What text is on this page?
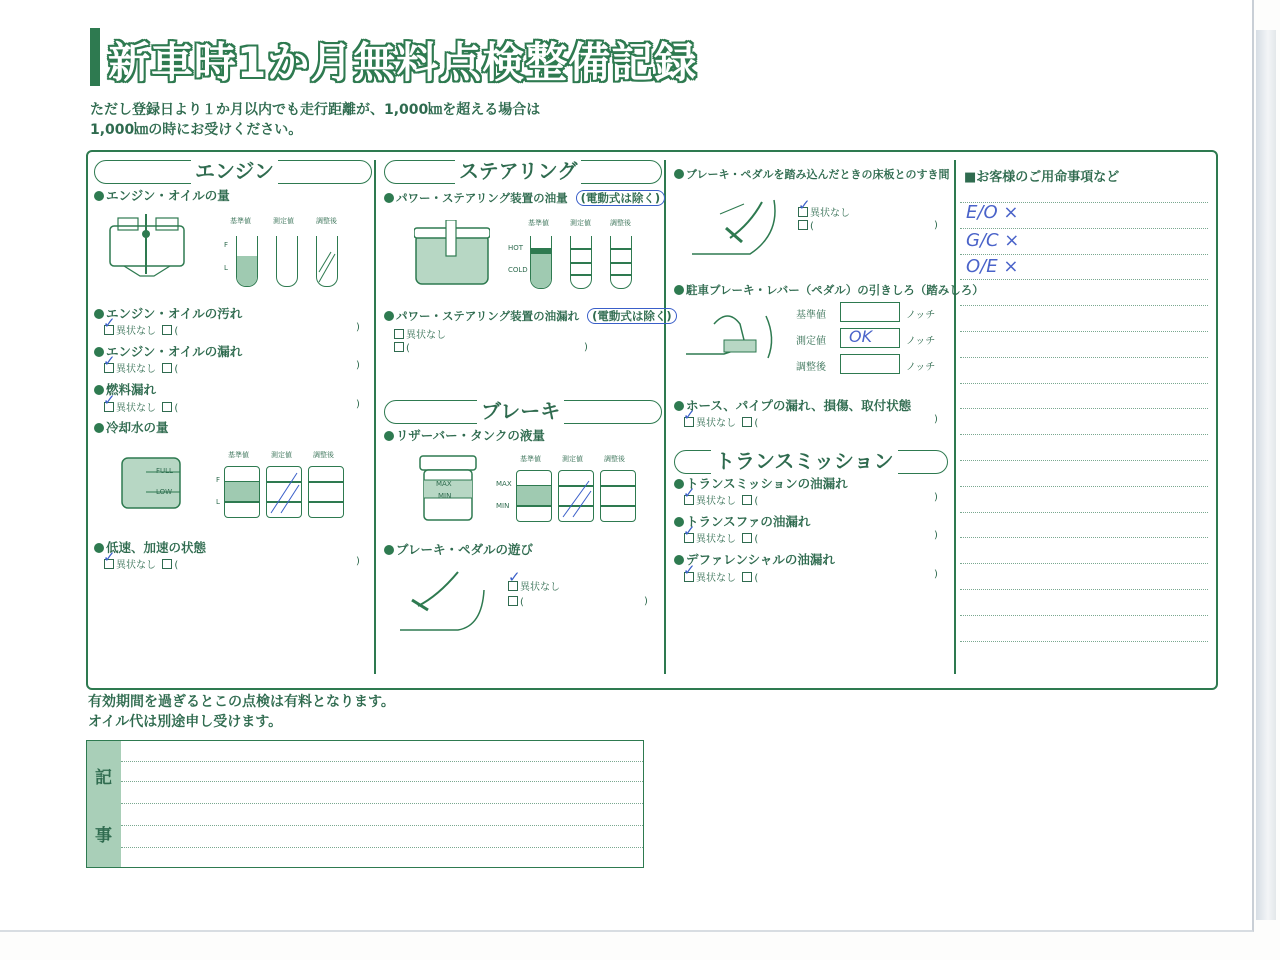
新車時1か月無料点検整備記録
ただし登録日より１か月以内でも走行距離が、1,000㎞を超える場合は
1,000㎞の時にお受けください。
エンジン
エンジン・オイルの量
基準値	測定値	調整後
F
L
エンジン・オイルの汚れ
異状なし (	)
✓
エンジン・オイルの漏れ
異状なし (	)
✓
燃料漏れ
異状なし (	)
✓
冷却水の量
FULL
LOW
基準値	測定値	調整後
F
L
低速、加速の状態
異状なし (	)
✓
ステアリング
パワー・ステアリング装置の油量 (電動式は除く)
基準値	測定値	調整後
HOT
COLD
パワー・ステアリング装置の油漏れ (電動式は除く)
異状なし
(	)
ブレーキ
リザーバー・タンクの液量
MAX
MIN
基準値	測定値	調整後
MAX
MIN
ブレーキ・ペダルの遊び
異状なし
✓
(	)
ブレーキ・ペダルを踏み込んだときの床板とのすき間
異状なし
✓
(	)
駐車ブレーキ・レバー（ペダル）の引きしろ（踏みしろ）
基準値	ノッチ
測定値 OK	ノッチ
調整後	ノッチ
ホース、パイプの漏れ、損傷、取付状態
異状なし (	)
✓
トランスミッション
トランスミッションの油漏れ
異状なし (	)
✓
トランスファの油漏れ
異状なし (	)
✓
デファレンシャルの油漏れ
異状なし (	)
✓
■お客様のご用命事項など
E/O ×
G/C ×
O/E ×
有効期間を過ぎるとこの点検は有料となります。
オイル代は別途申し受けます。
記
事
